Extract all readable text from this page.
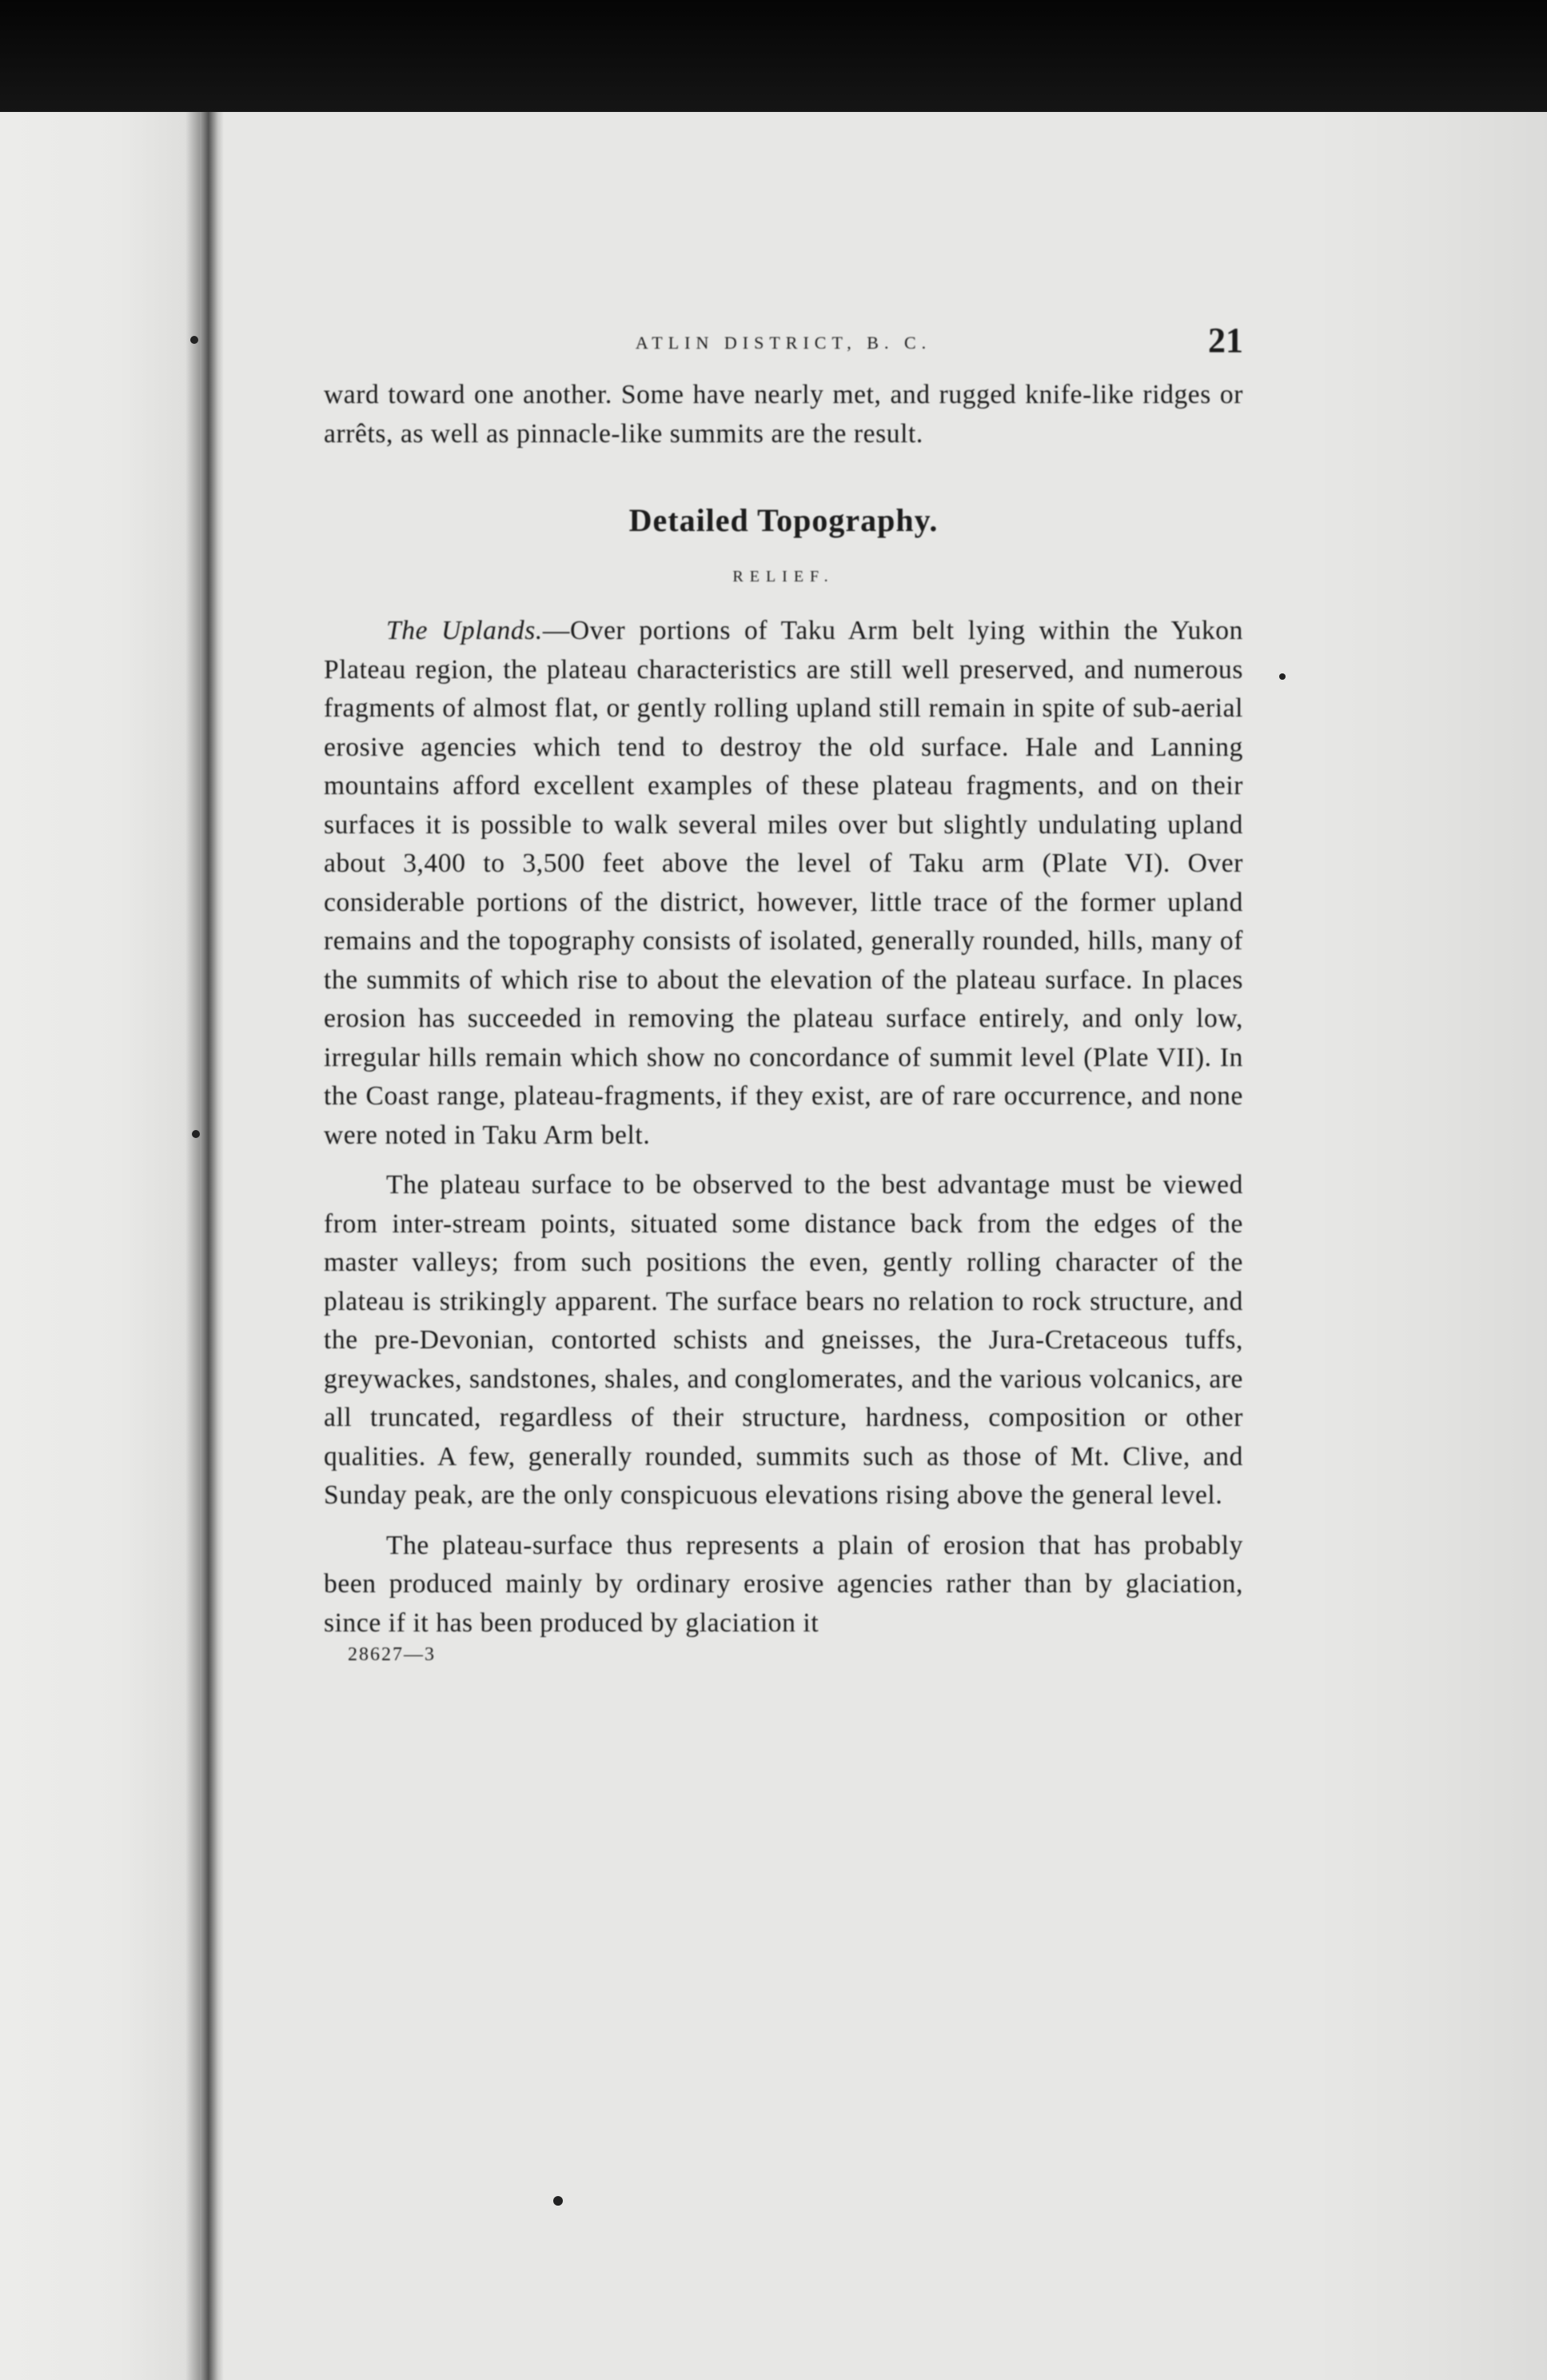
ATLIN DISTRICT, B. C.	21

ward toward one another. Some have nearly met, and rugged knife-like ridges or arrêts, as well as pinnacle-like summits are the result.

Detailed Topography.
RELIEF.

The Uplands.—Over portions of Taku Arm belt lying within the Yukon Plateau region, the plateau characteristics are still well preserved, and numerous fragments of almost flat, or gently rolling upland still remain in spite of sub-aerial erosive agencies which tend to destroy the old surface. Hale and Lanning mountains afford excellent examples of these plateau fragments, and on their surfaces it is possible to walk several miles over but slightly undulating upland about 3,400 to 3,500 feet above the level of Taku arm (Plate VI). Over considerable portions of the district, however, little trace of the former upland remains and the topography consists of isolated, generally rounded, hills, many of the summits of which rise to about the elevation of the plateau surface. In places erosion has succeeded in removing the plateau surface entirely, and only low, irregular hills remain which show no concordance of summit level (Plate VII). In the Coast range, plateau-fragments, if they exist, are of rare occurrence, and none were noted in Taku Arm belt.

The plateau surface to be observed to the best advantage must be viewed from inter-stream points, situated some distance back from the edges of the master valleys; from such positions the even, gently rolling character of the plateau is strikingly apparent. The surface bears no relation to rock structure, and the pre-Devonian, contorted schists and gneisses, the Jura-Cretaceous tuffs, greywackes, sandstones, shales, and conglomerates, and the various volcanics, are all truncated, regardless of their structure, hardness, composition or other qualities. A few, generally rounded, summits such as those of Mt. Clive, and Sunday peak, are the only conspicuous elevations rising above the general level.

The plateau-surface thus represents a plain of erosion that has probably been produced mainly by ordinary erosive agencies rather than by glaciation, since if it has been produced by glaciation it

28627—3
